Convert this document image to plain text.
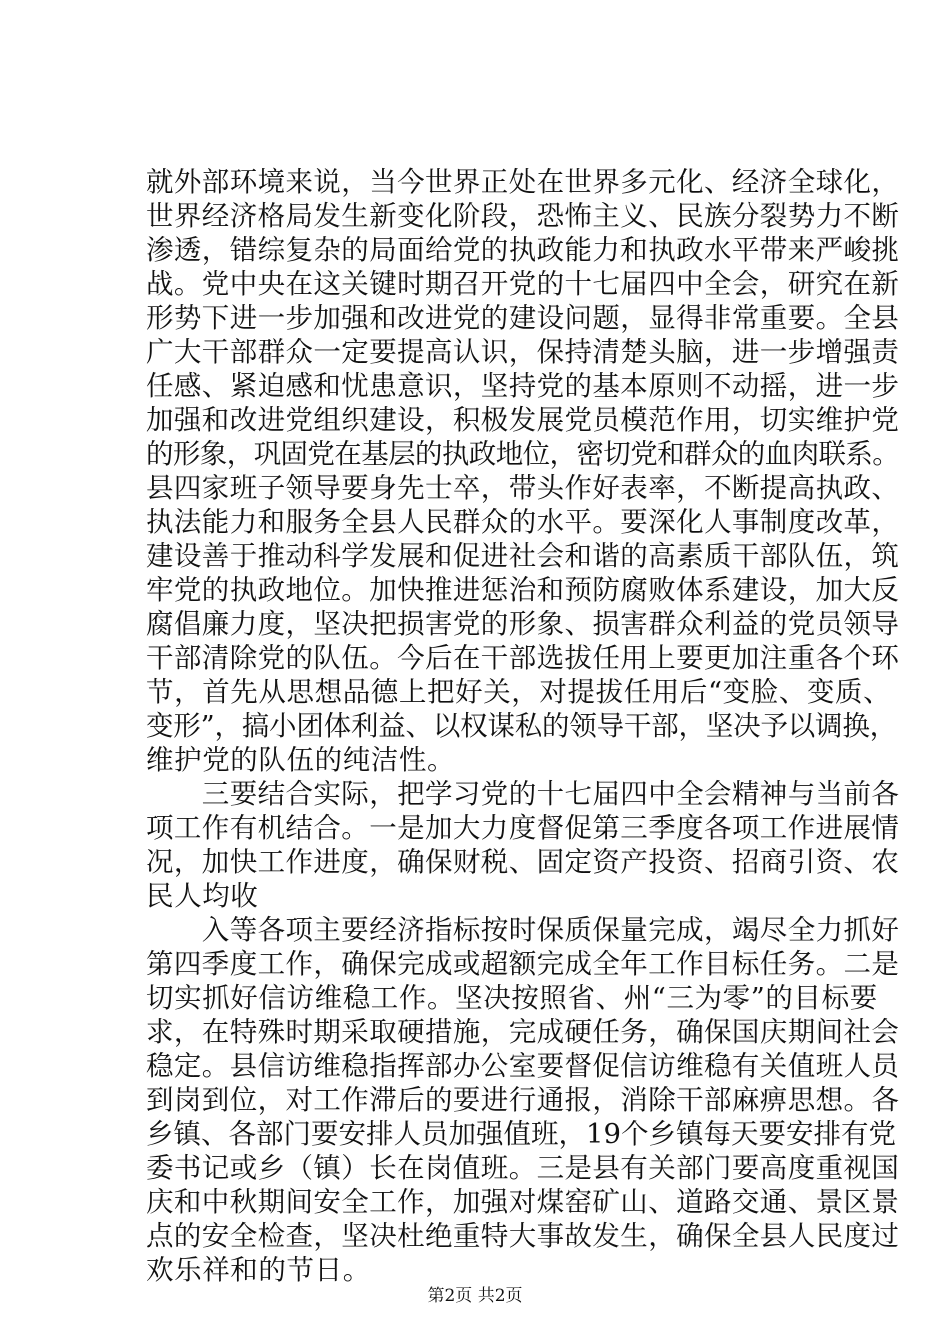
就外部环境来说，当今世界正处在世界多元化、经济全球化，
世界经济格局发生新变化阶段，恐怖主义、民族分裂势力不断
渗透，错综复杂的局面给党的执政能力和执政水平带来严峻挑
战。党中央在这关键时期召开党的十七届四中全会，研究在新
形势下进一步加强和改进党的建设问题，显得非常重要。全县
广大干部群众一定要提高认识，保持清楚头脑，进一步增强责
任感、紧迫感和忧患意识，坚持党的基本原则不动摇，进一步
加强和改进党组织建设，积极发展党员模范作用，切实维护党
的形象，巩固党在基层的执政地位，密切党和群众的血肉联系。
县四家班子领导要身先士卒，带头作好表率，不断提高执政、
执法能力和服务全县人民群众的水平。要深化人事制度改革，
建设善于推动科学发展和促进社会和谐的高素质干部队伍，筑
牢党的执政地位。加快推进惩治和预防腐败体系建设，加大反
腐倡廉力度，坚决把损害党的形象、损害群众利益的党员领导
干部清除党的队伍。今后在干部选拔任用上要更加注重各个环
节，首先从思想品德上把好关，对提拔任用后“变脸、变质、
变形”，搞小团体利益、以权谋私的领导干部，坚决予以调换，
维护党的队伍的纯洁性。
　　三要结合实际，把学习党的十七届四中全会精神与当前各
项工作有机结合。一是加大力度督促第三季度各项工作进展情
况，加快工作进度，确保财税、固定资产投资、招商引资、农
民人均收
　　入等各项主要经济指标按时保质保量完成，竭尽全力抓好
第四季度工作，确保完成或超额完成全年工作目标任务。二是
切实抓好信访维稳工作。坚决按照省、州“三为零”的目标要
求，在特殊时期采取硬措施，完成硬任务，确保国庆期间社会
稳定。县信访维稳指挥部办公室要督促信访维稳有关值班人员
到岗到位，对工作滞后的要进行通报，消除干部麻痹思想。各
乡镇、各部门要安排人员加强值班，19个乡镇每天要安排有党
委书记或乡（镇）长在岗值班。三是县有关部门要高度重视国
庆和中秋期间安全工作，加强对煤窑矿山、道路交通、景区景
点的安全检查，坚决杜绝重特大事故发生，确保全县人民度过
欢乐祥和的节日。
第2页 共2页
